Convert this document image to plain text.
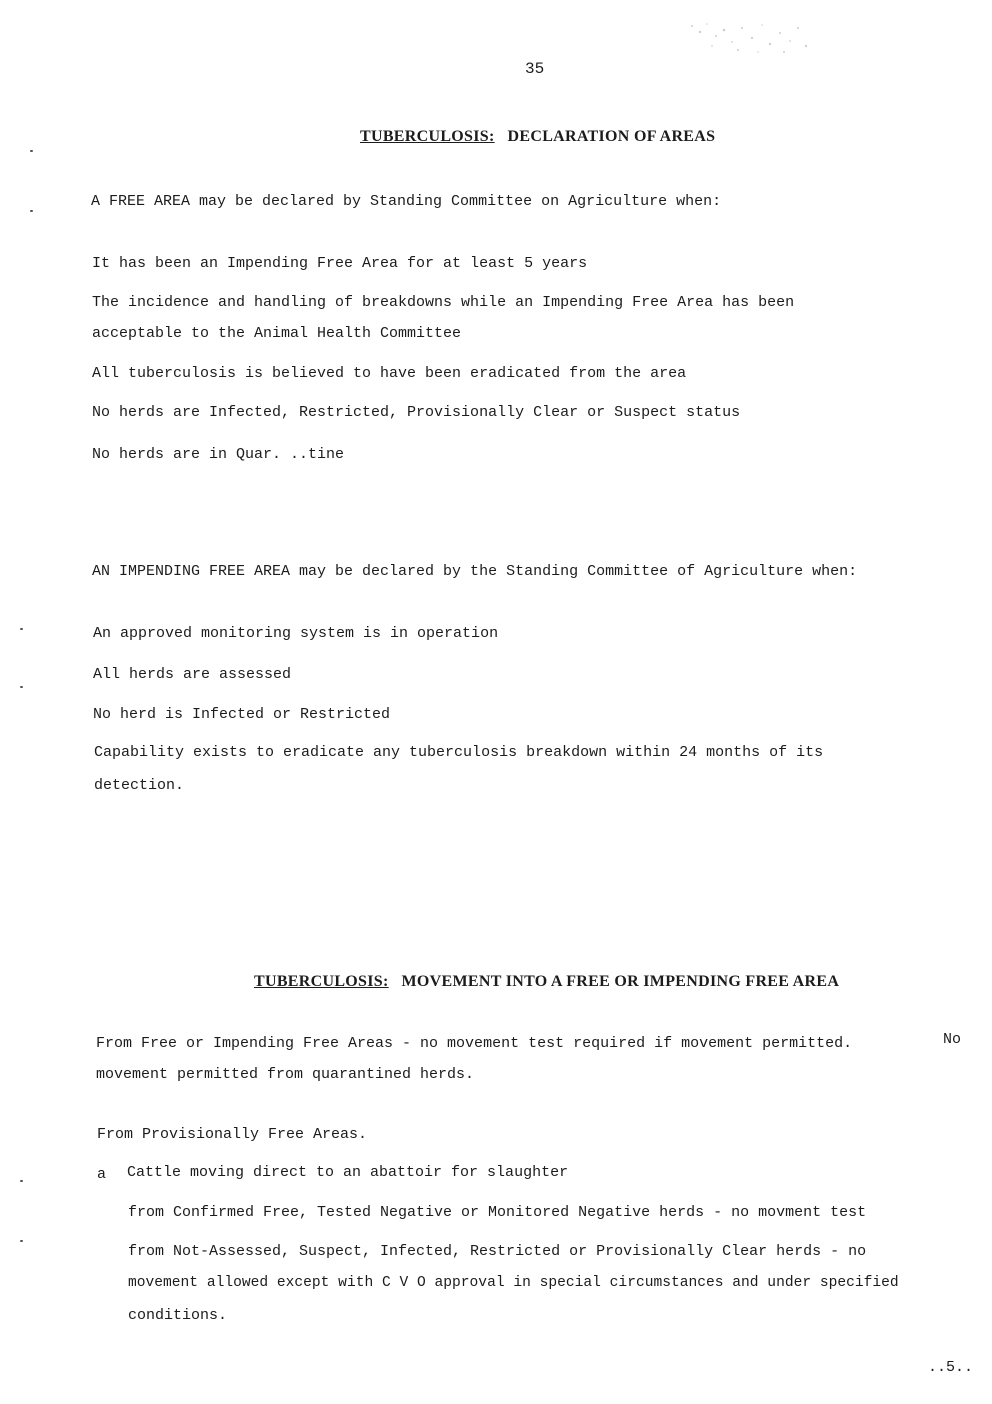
35
TUBERCULOSIS: DECLARATION OF AREAS
A FREE AREA may be declared by Standing Committee on Agriculture when:
It has been an Impending Free Area for at least 5 years
The incidence and handling of breakdowns while an Impending Free Area has been
acceptable to the Animal Health Committee
All tuberculosis is believed to have been eradicated from the area
No herds are Infected, Restricted, Provisionally Clear or Suspect status
No herds are in Quar. ..tine
AN IMPENDING FREE AREA may be declared by the Standing Committee of Agriculture when:
An approved monitoring system is in operation
All herds are assessed
No herd is Infected or Restricted
Capability exists to eradicate any tuberculosis breakdown within 24 months of its
detection.
TUBERCULOSIS: MOVEMENT INTO A FREE OR IMPENDING FREE AREA
From Free or Impending Free Areas - no movement test required if movement permitted.	No
movement permitted from quarantined herds.
From Provisionally Free Areas.
a Cattle moving direct to an abattoir for slaughter
from Confirmed Free, Tested Negative or Monitored Negative herds - no movment test
from Not-Assessed, Suspect, Infected, Restricted or Provisionally Clear herds - no
movement allowed except with C V O approval in special circumstances and under specified
conditions.
..5..
